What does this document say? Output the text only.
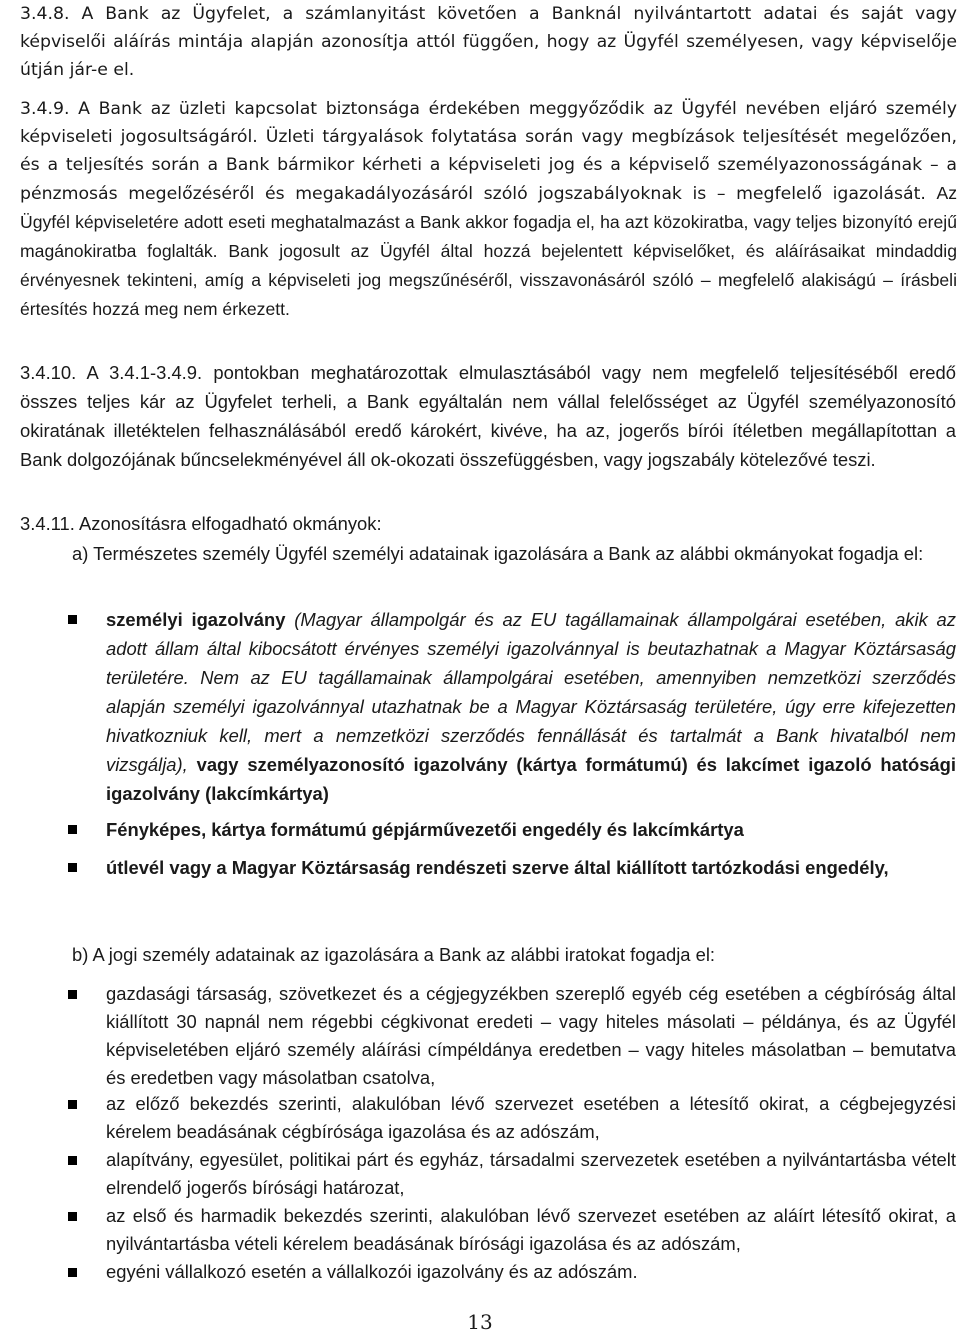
3.4.8. A Bank az Ügyfelet, a számlanyitást követően a Banknál nyilvántartott adatai és saját vagy képviselői aláírás mintája alapján azonosítja attól függően, hogy az Ügyfél személyesen, vagy képviselője útján jár-e el.
3.4.9. A Bank az üzleti kapcsolat biztonsága érdekében meggyőződik az Ügyfél nevében eljáró személy képviseleti jogosultságáról. Üzleti tárgyalások folytatása során vagy megbízások teljesítését megelőzően, és a teljesítés során a Bank bármikor kérheti a képviseleti jog és a képviselő személyazonosságának – a pénzmosás megelőzéséről és megakadályozásáról szóló jogszabályoknak is – megfelelő igazolását. Az Ügyfél képviseletére adott eseti meghatalmazást a Bank akkor fogadja el, ha azt közokiratba, vagy teljes bizonyító erejű magánokiratba foglalták. Bank jogosult az Ügyfél által hozzá bejelentett képviselőket, és aláírásaikat mindaddig érvényesnek tekinteni, amíg a képviseleti jog megszűnéséről, visszavonásáról szóló – megfelelő alakiságú – írásbeli értesítés hozzá meg nem érkezett.
3.4.10. A 3.4.1-3.4.9. pontokban meghatározottak elmulasztásából vagy nem megfelelő teljesítéséből eredő összes teljes kár az Ügyfelet terheli, a Bank egyáltalán nem vállal felelősséget az Ügyfél személyazonosító okiratának illetéktelen felhasználásából eredő károkért, kivéve, ha az, jogerős bírói ítéletben megállapítottan a Bank dolgozójának bűncselekményével áll ok-okozati összefüggésben, vagy jogszabály kötelezővé teszi.
3.4.11. Azonosításra elfogadható okmányok:
a) Természetes személy Ügyfél személyi adatainak igazolására a Bank az alábbi okmányokat fogadja el:
személyi igazolvány (Magyar állampolgár és az EU tagállamainak állampolgárai esetében, akik az adott állam által kibocsátott érvényes személyi igazolvánnyal is beutazhatnak a Magyar Köztársaság területére. Nem az EU tagállamainak állampolgárai esetében, amennyiben nemzetközi szerződés alapján személyi igazolvánnyal utazhatnak be a Magyar Köztársaság területére, úgy erre kifejezetten hivatkozniuk kell, mert a nemzetközi szerződés fennállását és tartalmát a Bank hivatalból nem vizsgálja), vagy személyazonosító igazolvány (kártya formátumú) és lakcímet igazoló hatósági igazolvány (lakcímkártya)
Fényképes, kártya formátumú gépjárművezetői engedély és lakcímkártya
útlevél vagy a Magyar Köztársaság rendészeti szerve által kiállított tartózkodási engedély,
b) A jogi személy adatainak az igazolására a Bank az alábbi iratokat fogadja el:
gazdasági társaság, szövetkezet és a cégjegyzékben szereplő egyéb cég esetében a cégbíróság által kiállított 30 napnál nem régebbi cégkivonat eredeti – vagy hiteles másolati – példánya, és az Ügyfél képviseletében eljáró személy aláírási címpéldánya eredetben – vagy hiteles másolatban – bemutatva és eredetben vagy másolatban csatolva,
az előző bekezdés szerinti, alakulóban lévő szervezet esetében a létesítő okirat, a cégbejegyzési kérelem beadásának cégbírósága igazolása és az adószám,
alapítvány, egyesület, politikai párt és egyház, társadalmi szervezetek esetében a nyilvántartásba vételt elrendelő jogerős bírósági határozat,
az első és harmadik bekezdés szerinti, alakulóban lévő szervezet esetében az aláírt létesítő okirat, a nyilvántartásba vételi kérelem beadásának bírósági igazolása és az adószám,
egyéni vállalkozó esetén a vállalkozói igazolvány és az adószám.
13
